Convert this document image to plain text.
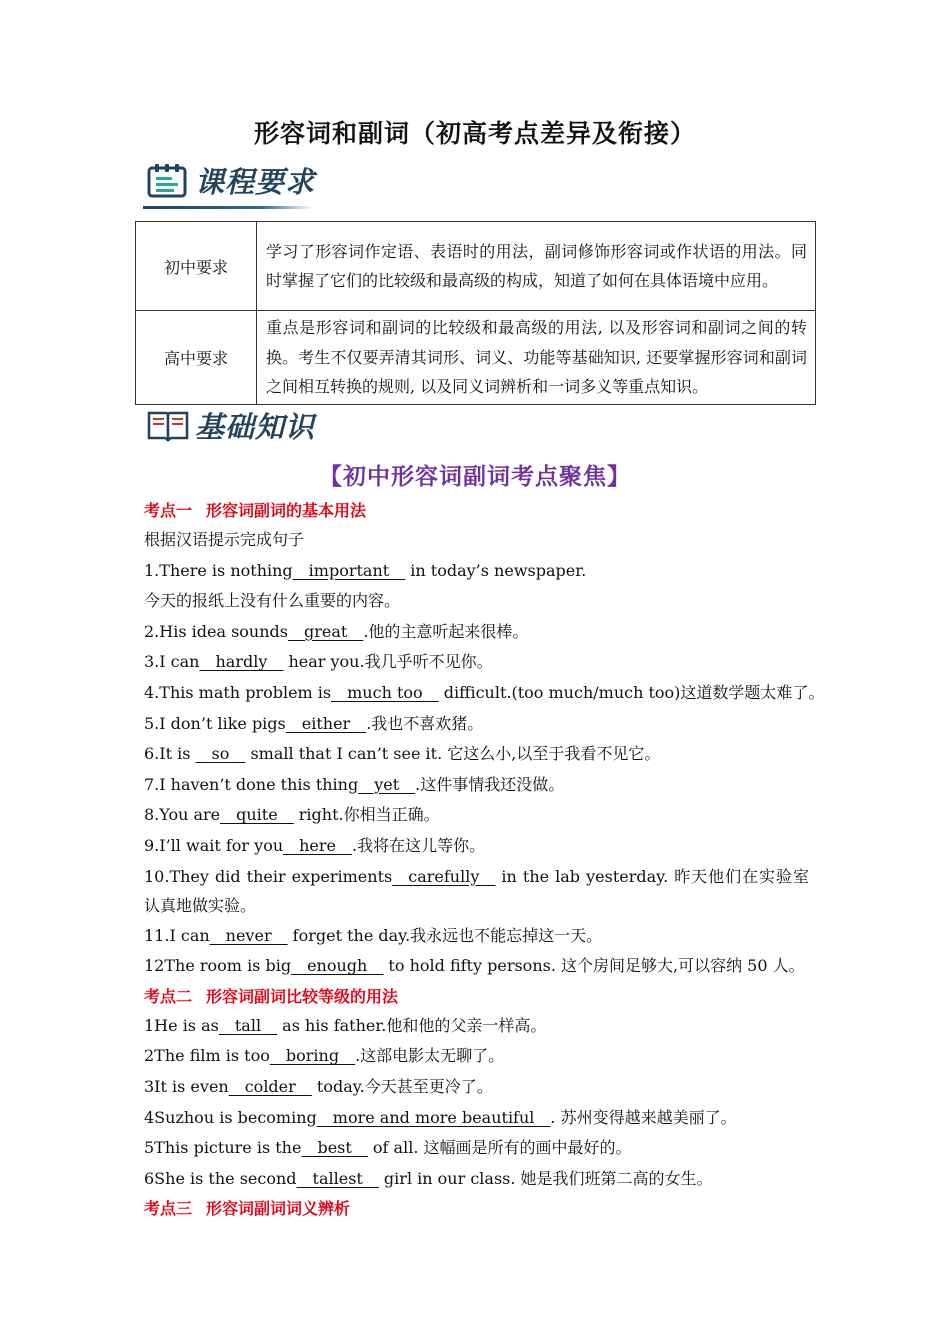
形容词和副词（初高考点差异及衔接）
课程要求
初中要求	学习了形容词作定语、表语时的用法，副词修饰形容词或作状语的用法。同时掌握了它们的比较级和最高级的构成，知道了如何在具体语境中应用。
高中要求	重点是形容词和副词的比较级和最高级的用法, 以及形容词和副词之间的转换。考生不仅要弄清其词形、词义、功能等基础知识, 还要掌握形容词和副词之间相互转换的规则, 以及同义词辨析和一词多义等重点知识。
基础知识
【初中形容词副词考点聚焦】
考点一 形容词副词的基本用法
根据汉语提示完成句子
1.There is nothing__important__ in today’s newspaper.
今天的报纸上没有什么重要的内容。
2.His idea sounds__great__.他的主意听起来很棒。
3.I can__hardly__ hear you.我几乎听不见你。
4.This math problem is__much too__ difficult.(too much/much too)这道数学题太难了。
5.I don’t like pigs__either__.我也不喜欢猪。
6.It is __so__ small that I can’t see it. 它这么小,以至于我看不见它。
7.I haven’t done this thing__yet__.这件事情我还没做。
8.You are__quite__ right.你相当正确。
9.I’ll wait for you__here__.我将在这儿等你。
10.They did their experiments__carefully__ in the lab yesterday. 昨天他们在实验室认真地做实验。
11.I can__never__ forget the day.我永远也不能忘掉这一天。
12The room is big__enough__ to hold fifty persons. 这个房间足够大,可以容纳 50 人。
考点二 形容词副词比较等级的用法
1He is as__tall__ as his father.他和他的父亲一样高。
2The film is too__boring__.这部电影太无聊了。
3It is even__colder__ today.今天甚至更冷了。
4Suzhou is becoming__more and more beautiful__. 苏州变得越来越美丽了。
5This picture is the__best__ of all. 这幅画是所有的画中最好的。
6She is the second__tallest__ girl in our class. 她是我们班第二高的女生。
考点三 形容词副词词义辨析
